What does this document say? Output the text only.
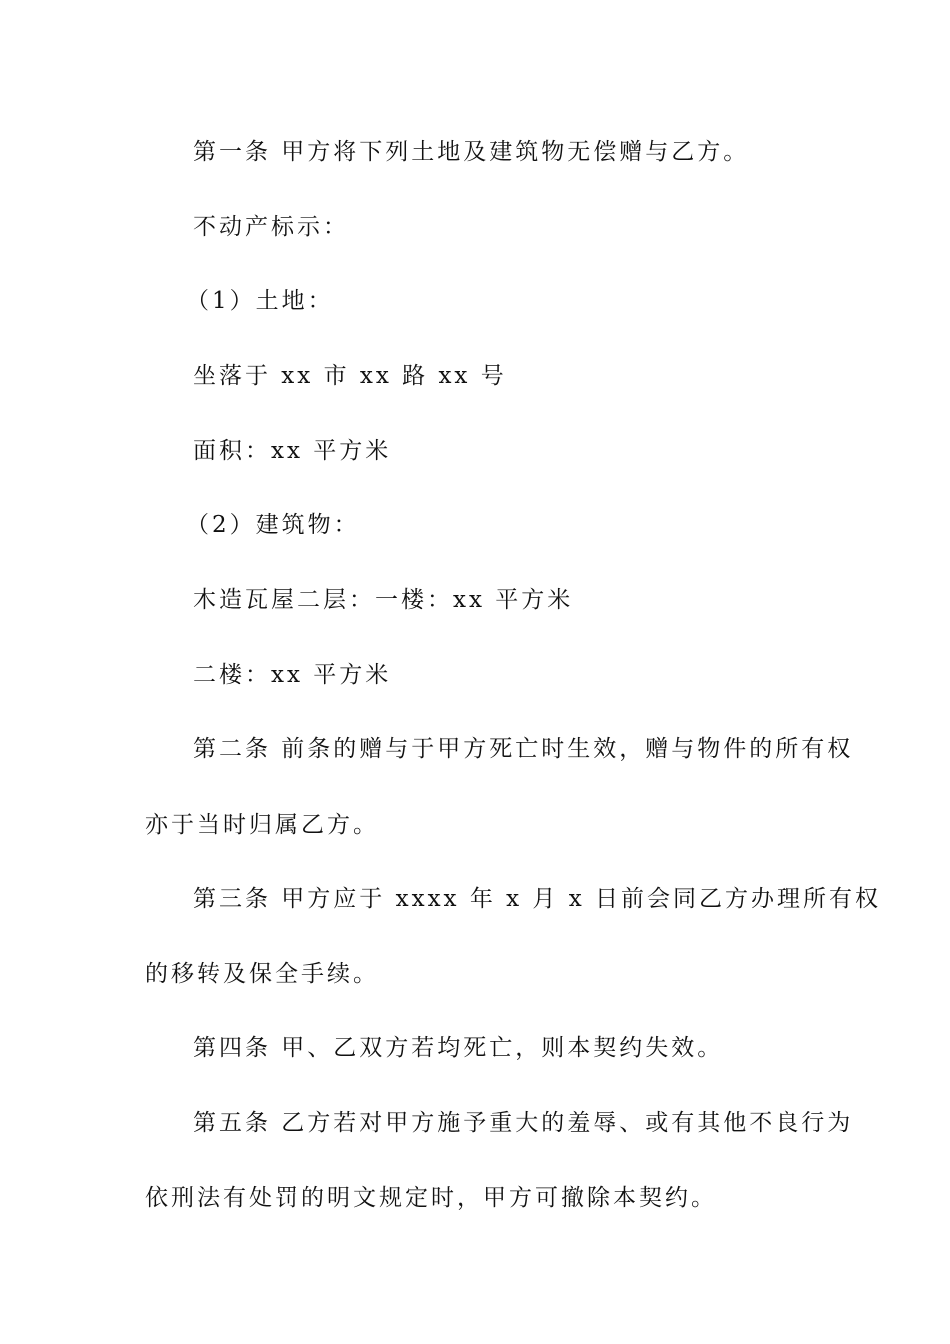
第一条 甲方将下列土地及建筑物无偿赠与乙方。
不动产标示：
（1）土地：
坐落于 xx 市 xx 路 xx 号
面积：xx 平方米
（2）建筑物：
木造瓦屋二层：一楼：xx 平方米
二楼：xx 平方米
第二条 前条的赠与于甲方死亡时生效，赠与物件的所有权
亦于当时归属乙方。
第三条 甲方应于 xxxx 年 x 月 x 日前会同乙方办理所有权
的移转及保全手续。
第四条 甲、乙双方若均死亡，则本契约失效。
第五条 乙方若对甲方施予重大的羞辱、或有其他不良行为
依刑法有处罚的明文规定时，甲方可撤除本契约。
